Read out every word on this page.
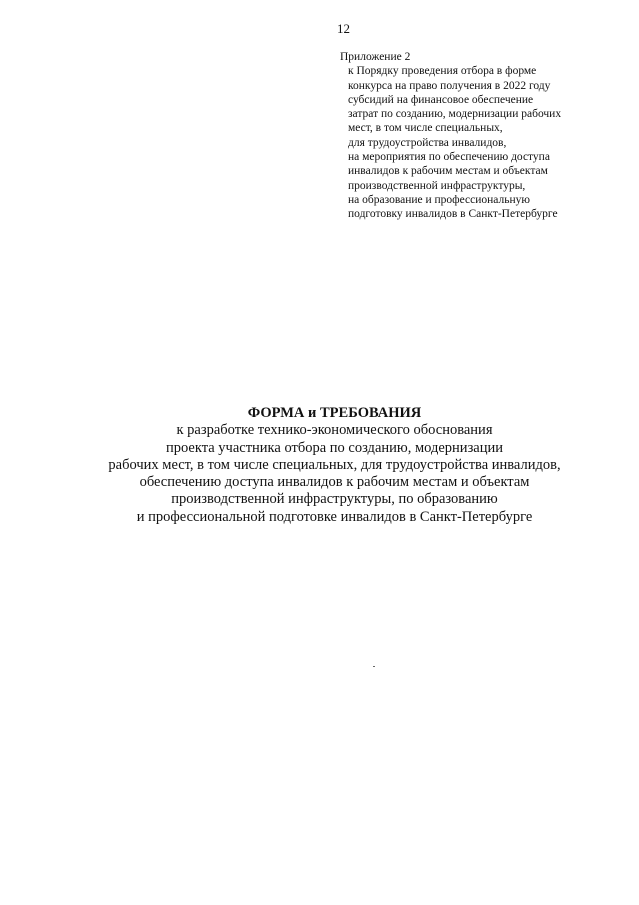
12
Приложение 2
к Порядку проведения отбора в форме
конкурса на право получения в 2022 году
субсидий на финансовое обеспечение
затрат по созданию, модернизации рабочих
мест, в том числе специальных,
для трудоустройства инвалидов,
на мероприятия по обеспечению доступа
инвалидов к рабочим местам и объектам
производственной инфраструктуры,
на образование и профессиональную
подготовку инвалидов в Санкт-Петербурге
ФОРМА и ТРЕБОВАНИЯ
к разработке технико-экономического обоснования
проекта участника отбора по созданию, модернизации
рабочих мест, в том числе специальных, для трудоустройства инвалидов,
обеспечению доступа инвалидов к рабочим местам и объектам
производственной инфраструктуры, по образованию
и профессиональной подготовке инвалидов в Санкт-Петербурге
